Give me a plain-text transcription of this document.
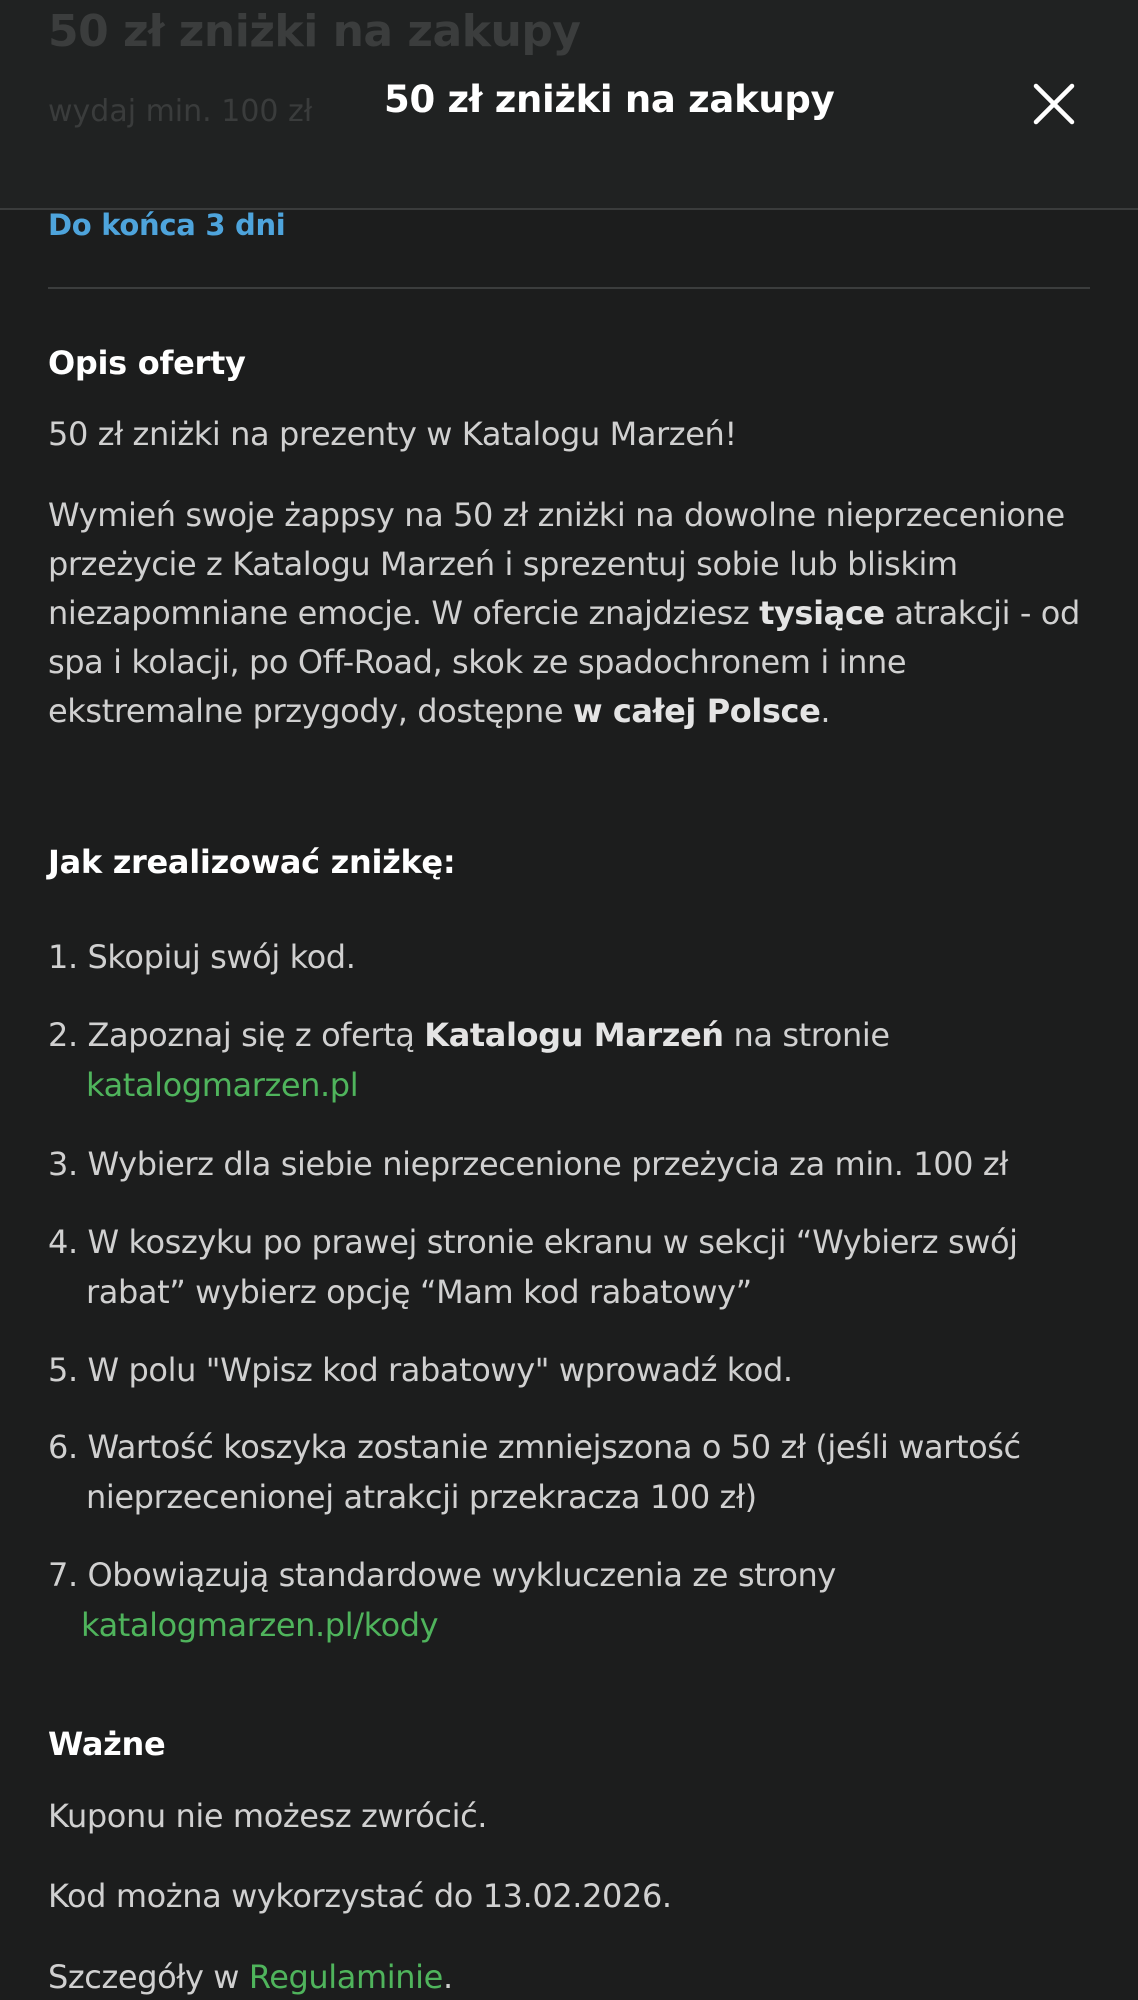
50 zł zniżki na zakupy
wydaj min. 100 zł 50 zł zniżki na zakupy
Do końca 3 dni
Opis oferty
50 zł zniżki na prezenty w Katalogu Marzeń!
Wymień swoje żappsy na 50 zł zniżki na dowolne nieprzecenione przeżycie z Katalogu Marzeń i sprezentuj sobie lub bliskim niezapomniane emocje. W ofercie znajdziesz tysiące atrakcji - od spa i kolacji, po Off-Road, skok ze spadochronem i inne ekstremalne przygody, dostępne w całej Polsce.
Jak zrealizować zniżkę:
1. Skopiuj swój kod.
2. Zapoznaj się z ofertą Katalogu Marzeń na stronie
katalogmarzen.pl
3. Wybierz dla siebie nieprzecenione przeżycia za min. 100 zł
4. W koszyku po prawej stronie ekranu w sekcji “Wybierz swój
rabat” wybierz opcję “Mam kod rabatowy”
5. W polu "Wpisz kod rabatowy" wprowadź kod.
6. Wartość koszyka zostanie zmniejszona o 50 zł (jeśli wartość
nieprzecenionej atrakcji przekracza 100 zł)
7. Obowiązują standardowe wykluczenia ze strony
katalogmarzen.pl/kody
Ważne
Kuponu nie możesz zwrócić.
Kod można wykorzystać do 13.02.2026.
Szczegóły w Regulaminie.
